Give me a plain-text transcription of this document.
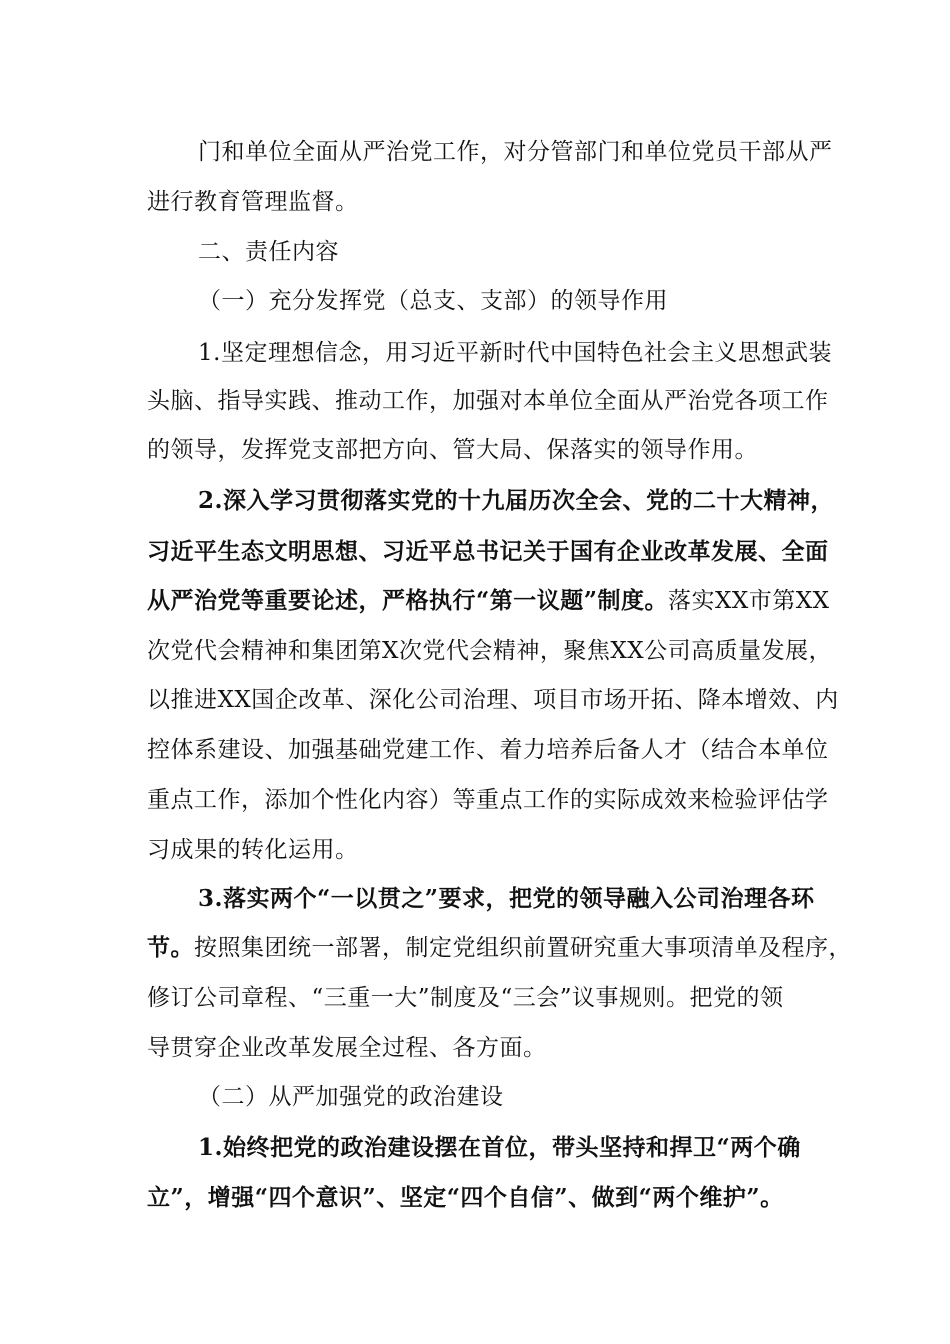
门和单位全面从严治党工作，对分管部门和单位党员干部从严
进行教育管理监督。
二、责任内容
（一）充分发挥党（总支、支部）的领导作用
1.坚定理想信念，用习近平新时代中国特色社会主义思想武装
头脑、指导实践、推动工作，加强对本单位全面从严治党各项工作
的领导，发挥党支部把方向、管大局、保落实的领导作用。
2.深入学习贯彻落实党的十九届历次全会、党的二十大精神，
习近平生态文明思想、习近平总书记关于国有企业改革发展、全面
从严治党等重要论述，严格执行“第一议题”制度。落实XX市第XX
次党代会精神和集团第X次党代会精神，聚焦XX公司高质量发展，
以推进XX国企改革、深化公司治理、项目市场开拓、降本增效、内
控体系建设、加强基础党建工作、着力培养后备人才（结合本单位
重点工作，添加个性化内容）等重点工作的实际成效来检验评估学
习成果的转化运用。
3.落实两个“一以贯之”要求，把党的领导融入公司治理各环
节。按照集团统一部署，制定党组织前置研究重大事项清单及程序，
修订公司章程、“三重一大”制度及“三会”议事规则。把党的领
导贯穿企业改革发展全过程、各方面。
（二）从严加强党的政治建设
1.始终把党的政治建设摆在首位，带头坚持和捍卫“两个确
立”，增强“四个意识”、坚定“四个自信”、做到“两个维护”。
